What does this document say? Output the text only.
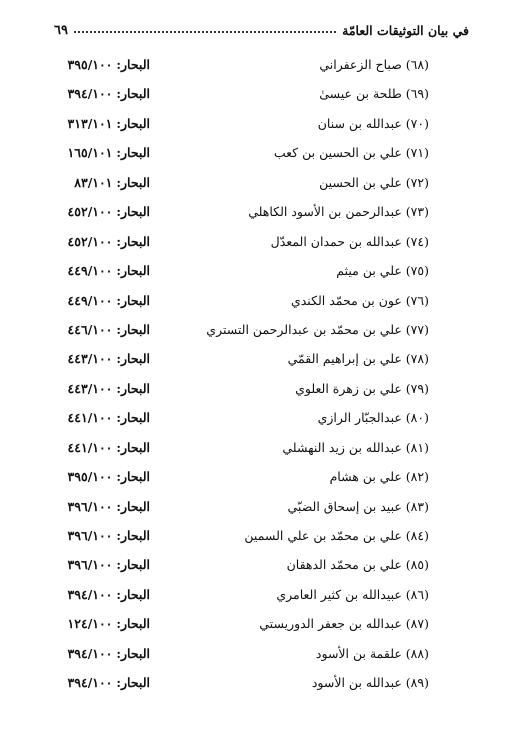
في بيان التوثيقات العامّة
٦٩
(٦٨) صباح الزعفراني
البحار:٣٩٥/١٠٠
(٦٩) طلحة بن عيسىٰ
البحار:٣٩٤/١٠٠
(٧٠) عبدالله بن سنان
البحار:٣١٣/١٠١
(٧١) علي بن الحسين بن كعب
البحار:١٦٥/١٠١
(٧٢) علي بن الحسين
البحار:٨٣/١٠١
(٧٣) عبدالرحمن بن الأسود الكاهلي
البحار:٤٥٢/١٠٠
(٧٤) عبدالله بن حمدان المعدّل
البحار:٤٥٢/١٠٠
(٧٥) علي بن ميثم
البحار:٤٤٩/١٠٠
(٧٦) عون بن محمّد الكندي
البحار:٤٤٩/١٠٠
(٧٧) علي بن محمّد بن عبدالرحمن التستري
البحار:٤٤٦/١٠٠
(٧٨) علي بن إبراهيم القمّي
البحار:٤٤٣/١٠٠
(٧٩) علي بن زهرة العلوي
البحار:٤٤٣/١٠٠
(٨٠) عبدالجبّار الرازي
البحار:٤٤١/١٠٠
(٨١) عبدالله بن زيد النهشلي
البحار:٤٤١/١٠٠
(٨٢) علي بن هشام
البحار:٣٩٥/١٠٠
(٨٣) عبيد بن إسحاق الضبّي
البحار:٣٩٦/١٠٠
(٨٤) علي بن محمّد بن علي السمين
البحار:٣٩٦/١٠٠
(٨٥) علي بن محمّد الدهقان
البحار:٣٩٦/١٠٠
(٨٦) عبيدالله بن كثير العامري
البحار:٣٩٤/١٠٠
(٨٧) عبدالله بن جعفر الدوريستي
البحار:١٢٤/١٠٠
(٨٨) علقمة بن الأسود
البحار:٣٩٤/١٠٠
(٨٩) عبدالله بن الأسود
البحار:٣٩٤/١٠٠
